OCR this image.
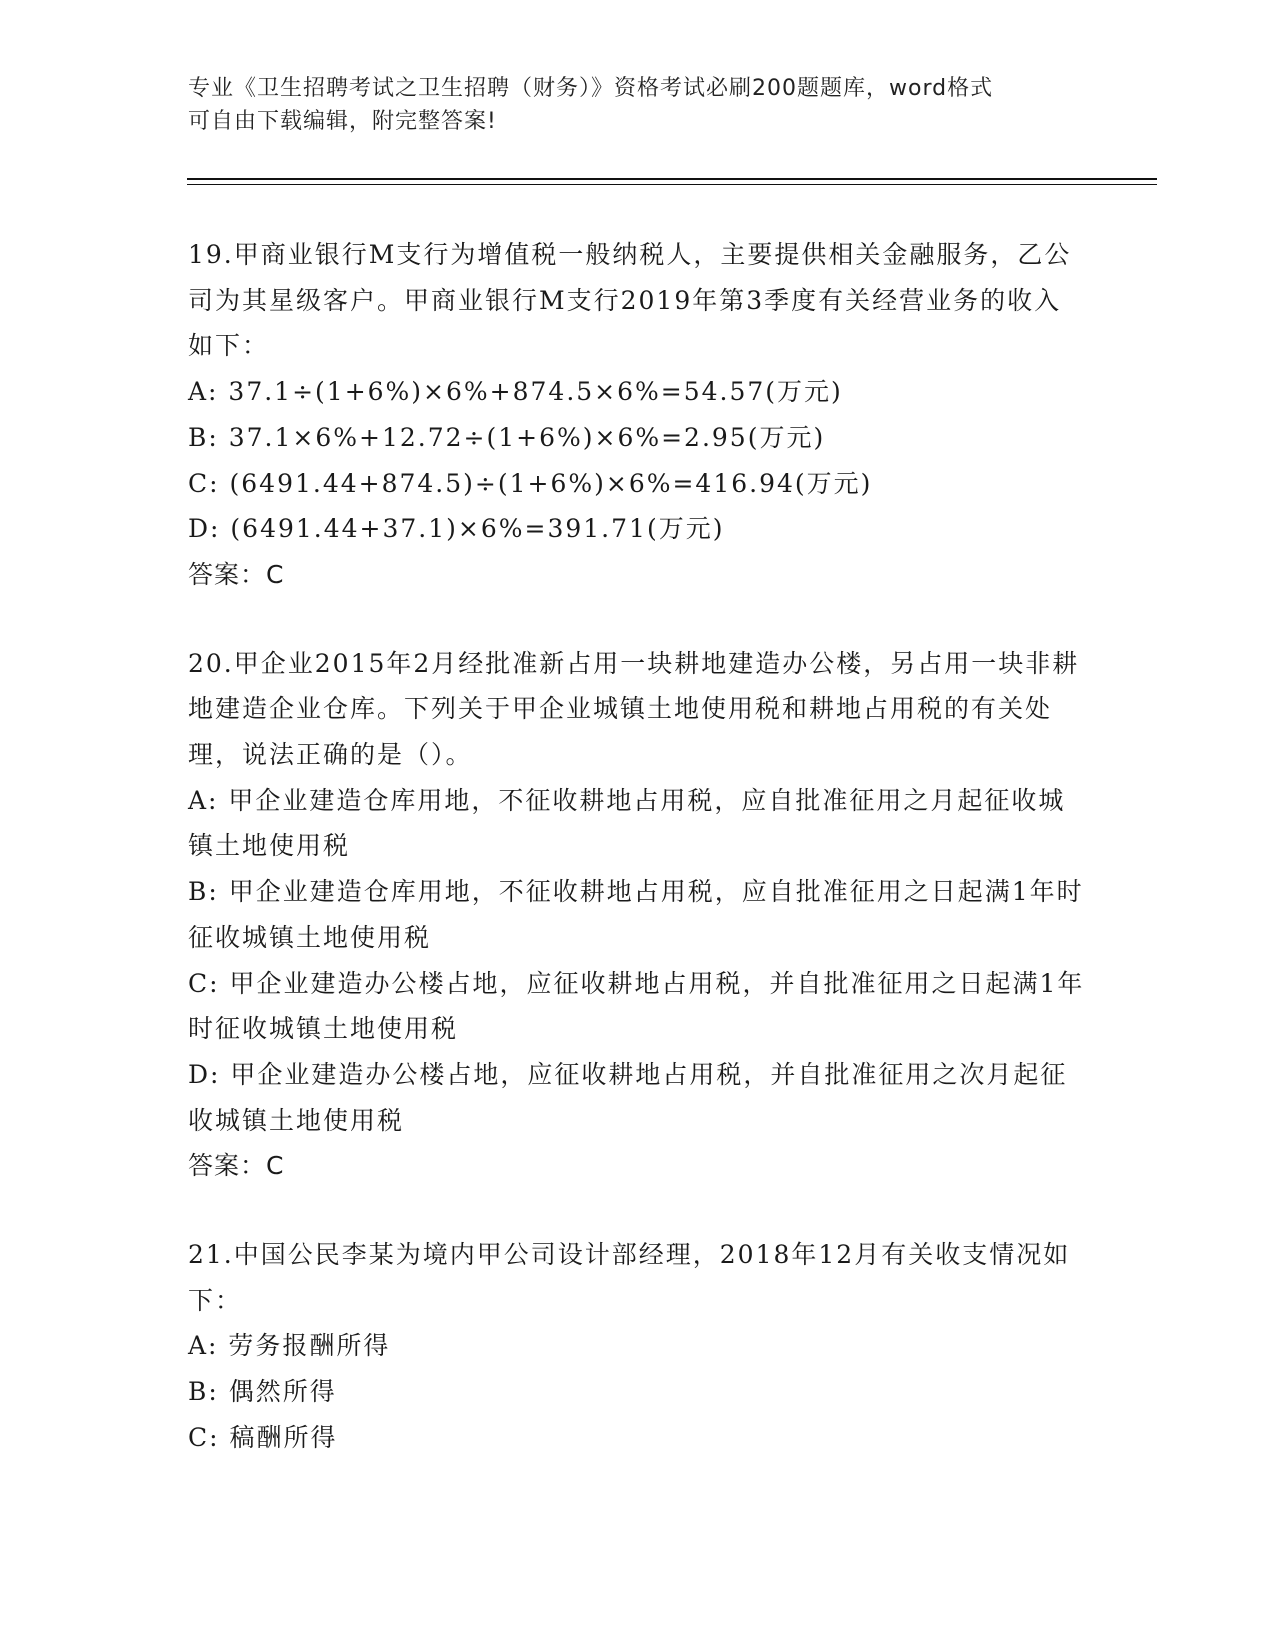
专业《卫生招聘考试之卫生招聘（财务）》资格考试必刷200题题库，word格式
可自由下载编辑，附完整答案!
19.甲商业银行M支行为增值税一般纳税人，主要提供相关金融服务，乙公司为其星级客户。甲商业银行M支行2019年第3季度有关经营业务的收入如下：
A: 37.1÷(1+6%)×6%+874.5×6%=54.57(万元)
B: 37.1×6%+12.72÷(1+6%)×6%=2.95(万元)
C: (6491.44+874.5)÷(1+6%)×6%=416.94(万元)
D: (6491.44+37.1)×6%=391.71(万元)
答案：C
20.甲企业2015年2月经批准新占用一块耕地建造办公楼，另占用一块非耕地建造企业仓库。下列关于甲企业城镇土地使用税和耕地占用税的有关处理，说法正确的是（）。
A: 甲企业建造仓库用地，不征收耕地占用税，应自批准征用之月起征收城镇土地使用税
B: 甲企业建造仓库用地，不征收耕地占用税，应自批准征用之日起满1年时征收城镇土地使用税
C: 甲企业建造办公楼占地，应征收耕地占用税，并自批准征用之日起满1年时征收城镇土地使用税
D: 甲企业建造办公楼占地，应征收耕地占用税，并自批准征用之次月起征收城镇土地使用税
答案：C
21.中国公民李某为境内甲公司设计部经理，2018年12月有关收支情况如下：
A: 劳务报酬所得
B: 偶然所得
C: 稿酬所得
